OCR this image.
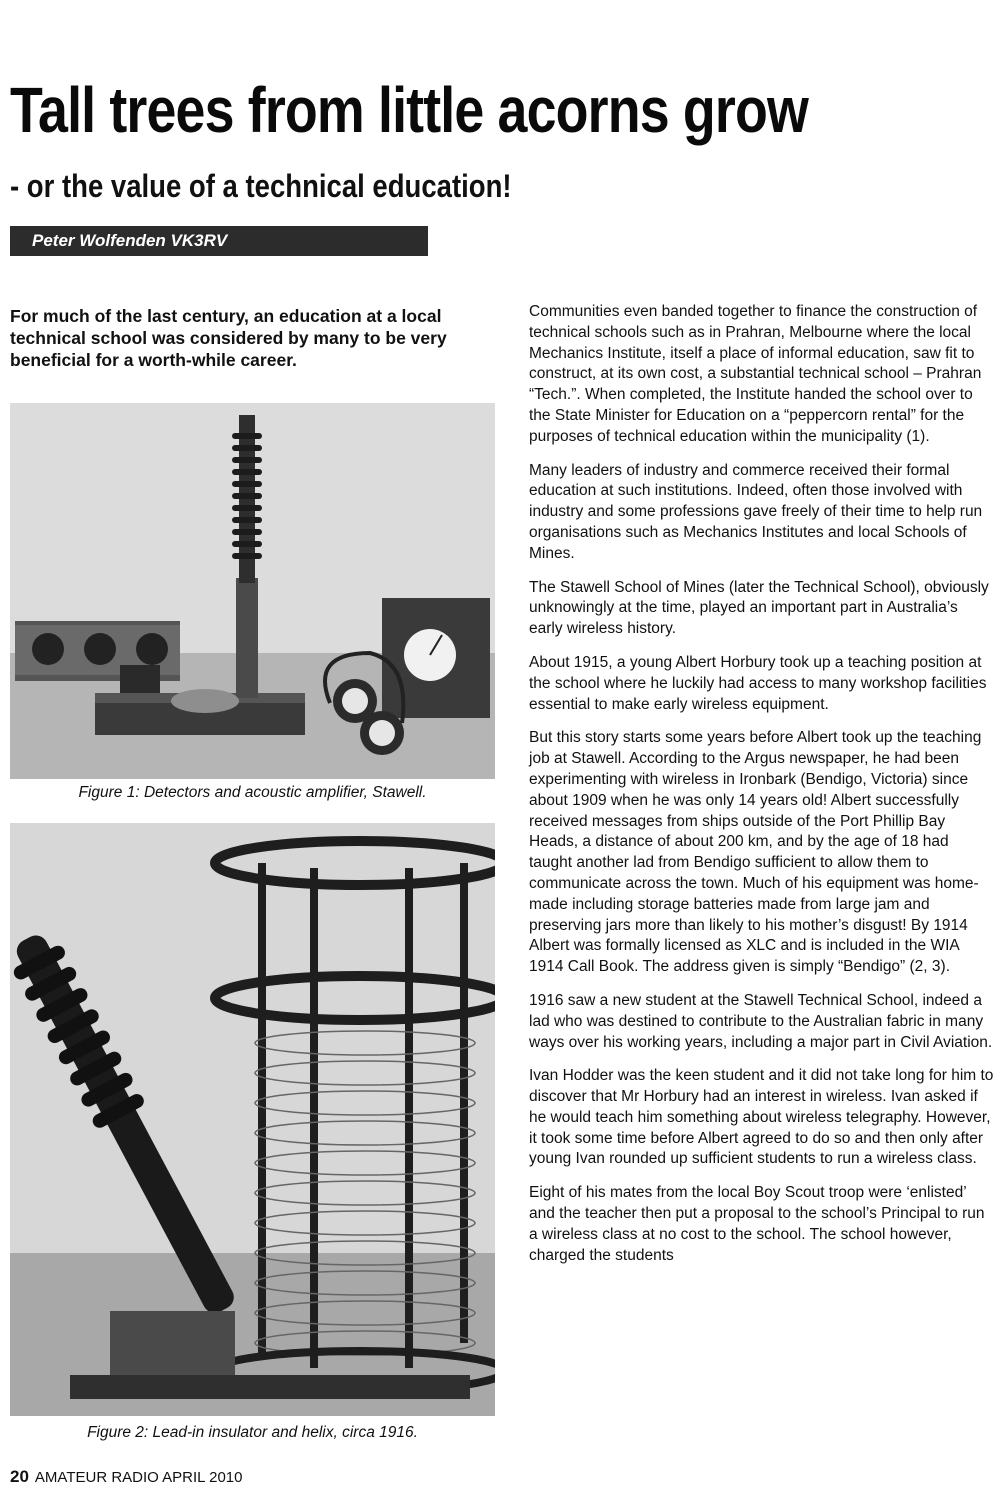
Tall trees from little acorns grow
- or the value of a technical education!
Peter Wolfenden VK3RV

For much of the last century, an education at a local technical school was considered by many to be very beneficial for a worth-while career.

Figure 1: Detectors and acoustic amplifier, Stawell.

Figure 2: Lead-in insulator and helix, circa 1916.

Communities even banded together to finance the construction of technical schools such as in Prahran, Melbourne where the local Mechanics Institute, itself a place of informal education, saw fit to construct, at its own cost, a substantial technical school – Prahran “Tech.”. When completed, the Institute handed the school over to the State Minister for Education on a “peppercorn rental” for the purposes of technical education within the municipality (1).

Many leaders of industry and commerce received their formal education at such institutions. Indeed, often those involved with industry and some professions gave freely of their time to help run organisations such as Mechanics Institutes and local Schools of Mines.

The Stawell School of Mines (later the Technical School), obviously unknowingly at the time, played an important part in Australia’s early wireless history.

About 1915, a young Albert Horbury took up a teaching position at the school where he luckily had access to many workshop facilities essential to make early wireless equipment.

But this story starts some years before Albert took up the teaching job at Stawell. According to the Argus newspaper, he had been experimenting with wireless in Ironbark (Bendigo, Victoria) since about 1909 when he was only 14 years old! Albert successfully received messages from ships outside of the Port Phillip Bay Heads, a distance of about 200 km, and by the age of 18 had taught another lad from Bendigo sufficient to allow them to communicate across the town. Much of his equipment was home-made including storage batteries made from large jam and preserving jars more than likely to his mother’s disgust! By 1914 Albert was formally licensed as XLC and is included in the WIA 1914 Call Book. The address given is simply “Bendigo” (2, 3).

1916 saw a new student at the Stawell Technical School, indeed a lad who was destined to contribute to the Australian fabric in many ways over his working years, including a major part in Civil Aviation.

Ivan Hodder was the keen student and it did not take long for him to discover that Mr Horbury had an interest in wireless. Ivan asked if he would teach him something about wireless telegraphy. However, it took some time before Albert agreed to do so and then only after young Ivan rounded up sufficient students to run a wireless class.

Eight of his mates from the local Boy Scout troop were ‘enlisted’ and the teacher then put a proposal to the school’s Principal to run a wireless class at no cost to the school. The school however, charged the students

20 AMATEUR RADIO APRIL 2010
